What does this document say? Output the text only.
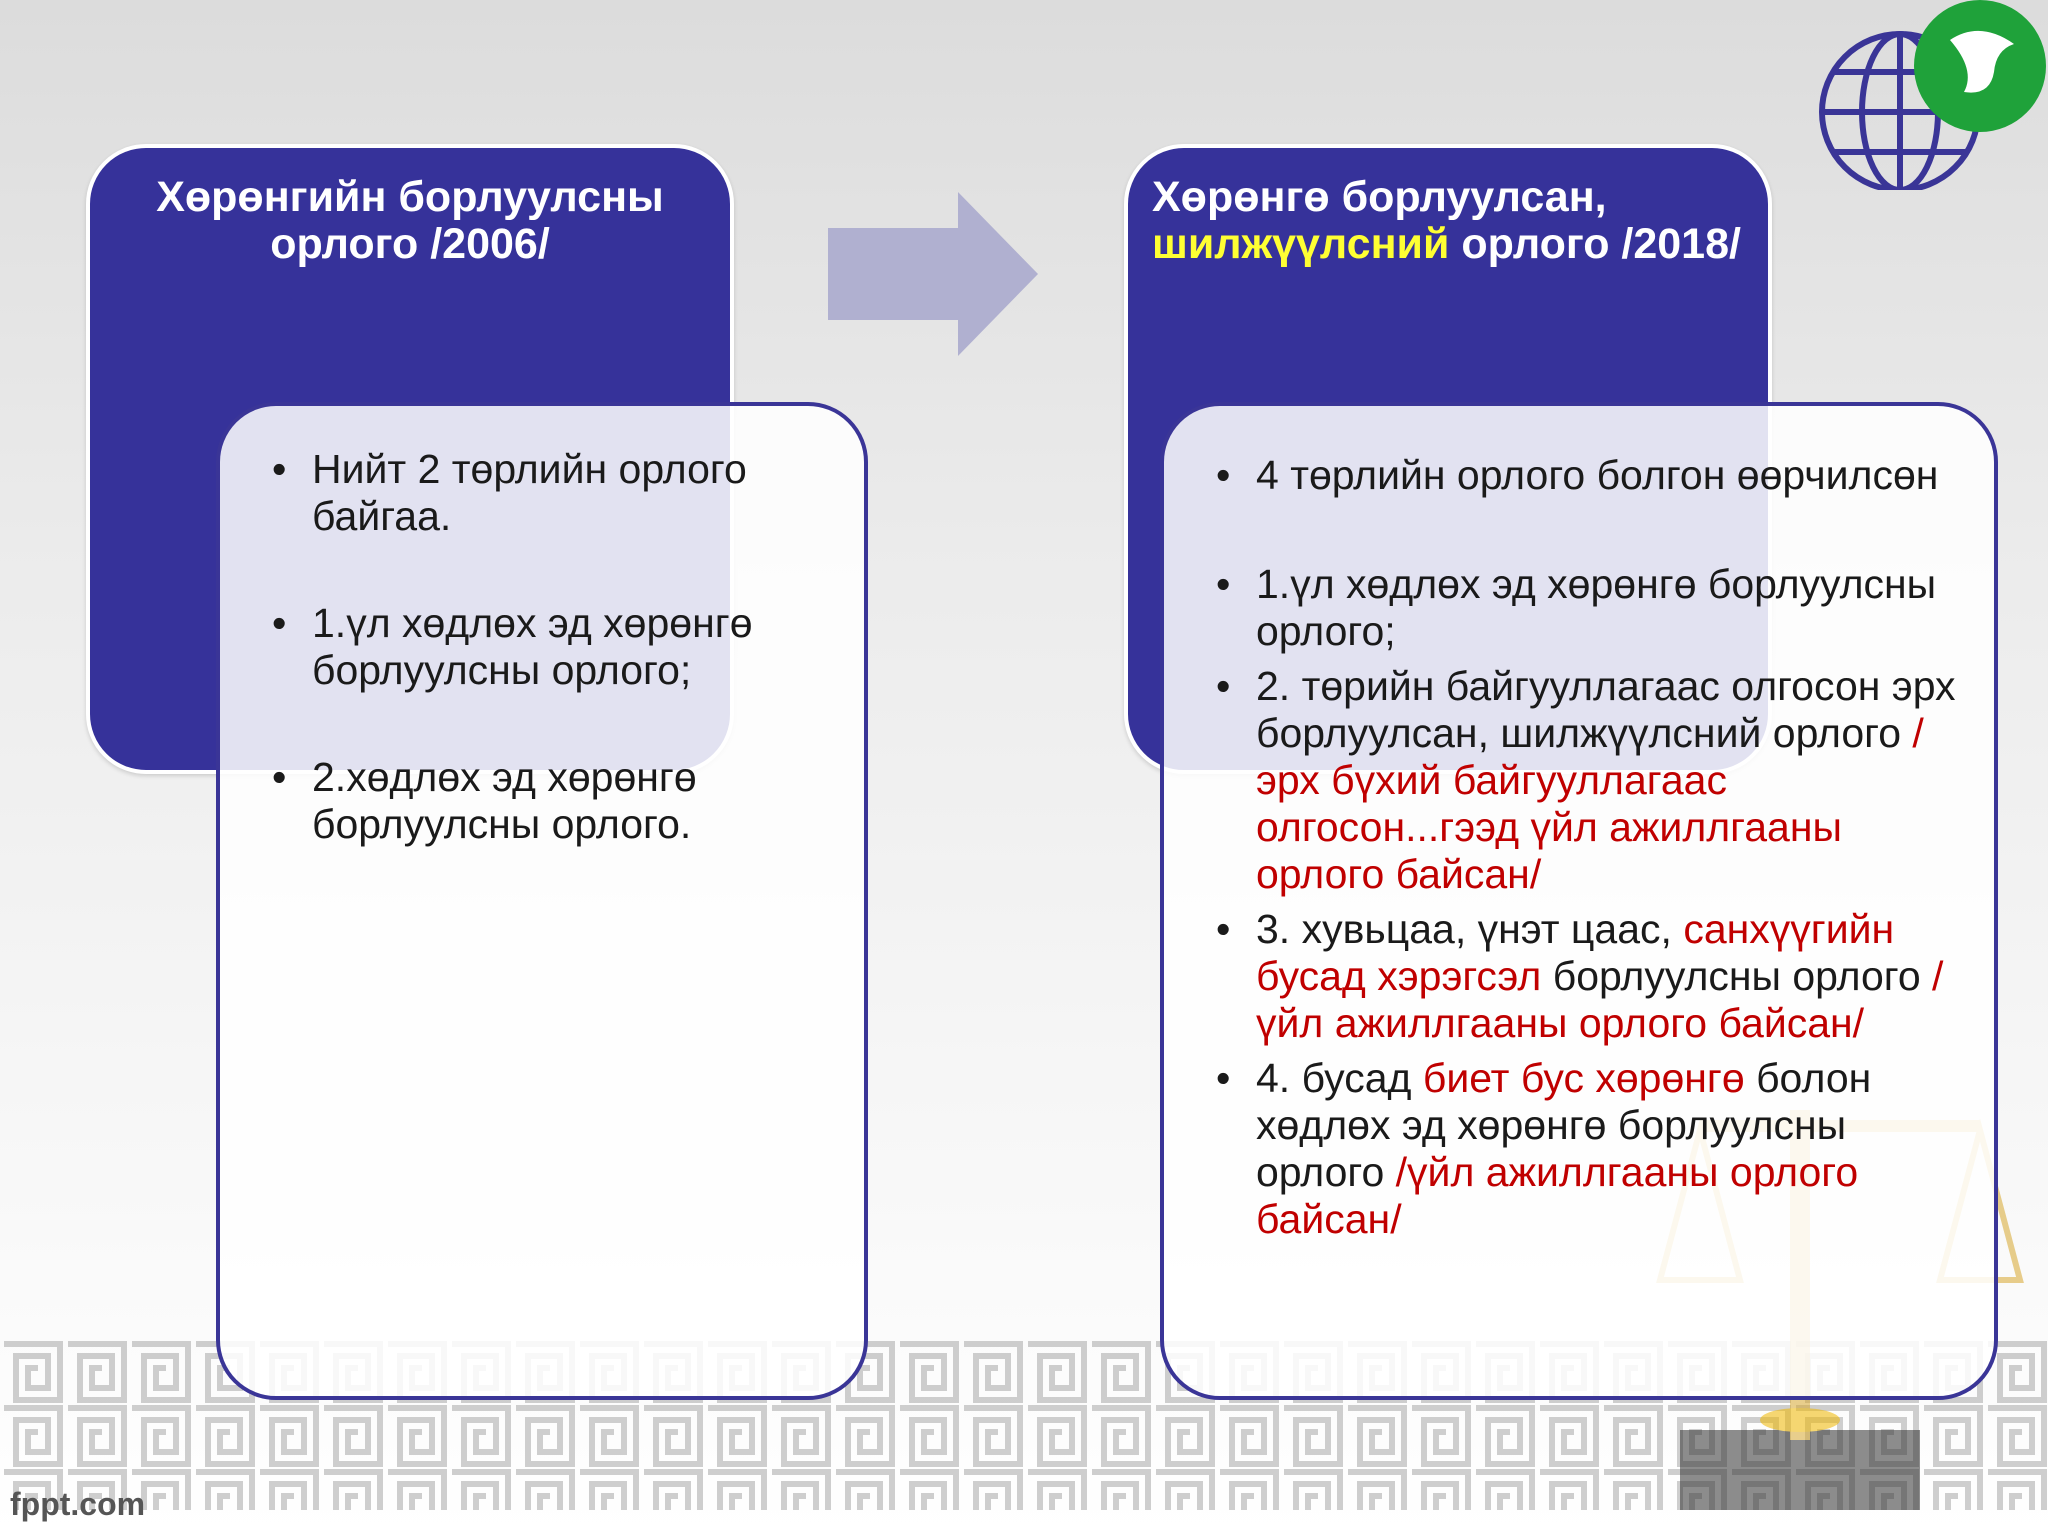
Хөрөнгийн борлуулсны орлого /2006/
Хөрөнгө борлуулсан,
шилжүүлсний орлого /2018/
• Нийт 2 төрлийн орлого байгаа.
• 1.үл хөдлөх эд хөрөнгө борлуулсны орлого;
• 2.хөдлөх эд хөрөнгө борлуулсны орлого.
• 4 төрлийн орлого болгон өөрчилсөн
• 1.үл хөдлөх эд хөрөнгө борлуулсны орлого;
• 2. төрийн байгууллагаас олгосон эрх борлуулсан, шилжүүлсний орлого /эрх бүхий байгууллагаас олгосон...гээд үйл ажиллгааны орлого байсан/
• 3. хувьцаа, үнэт цаас, санхүүгийн бусад хэрэгсэл борлуулсны орлого /үйл ажиллгааны орлого байсан/
• 4. бусад биет бус хөрөнгө болон хөдлөх эд хөрөнгө борлуулсны орлого /үйл ажиллгааны орлого байсан/
fppt.com
